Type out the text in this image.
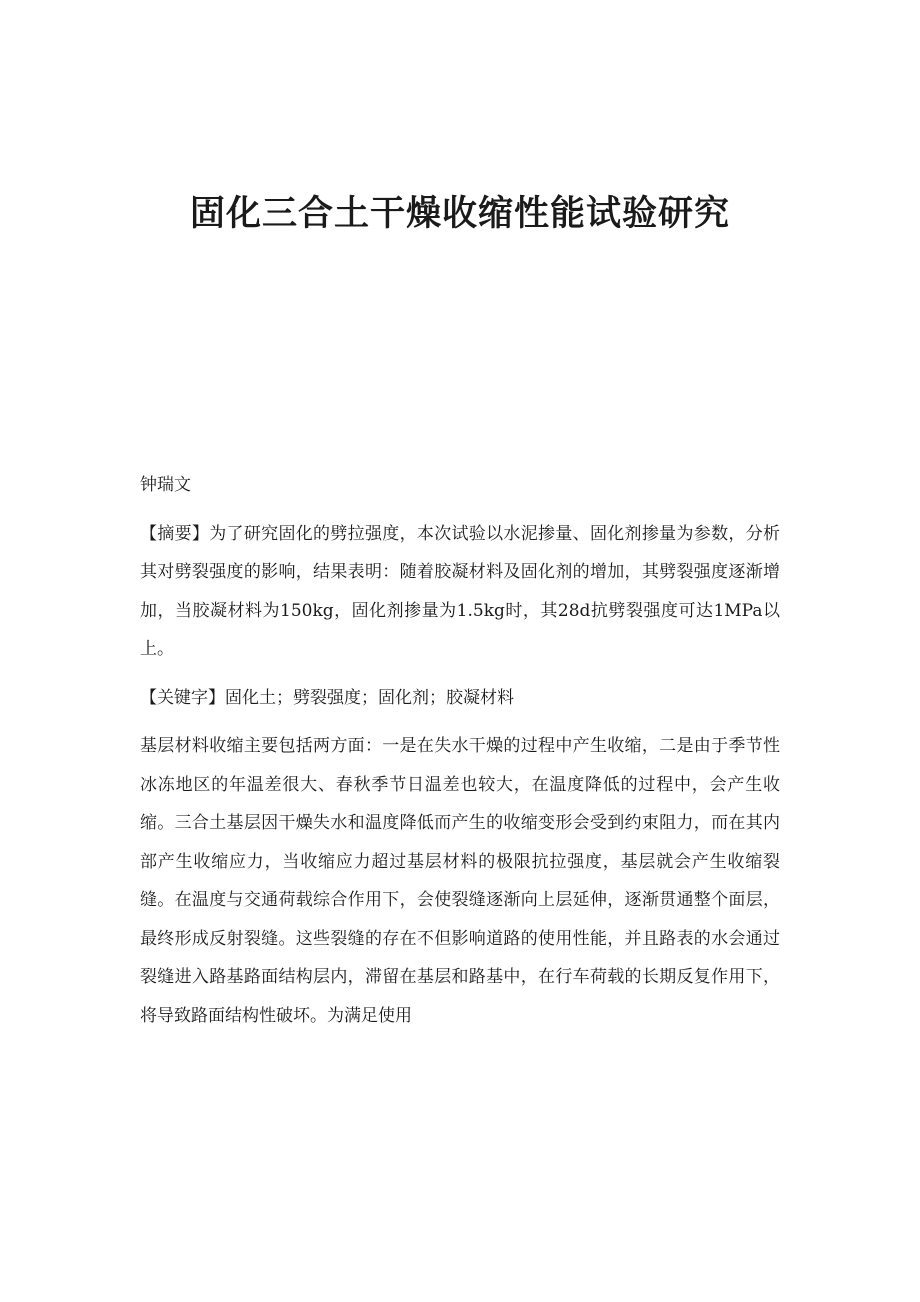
固化三合土干燥收缩性能试验研究

钟瑞文

【摘要】为了研究固化的劈拉强度，本次试验以水泥掺量、固化剂掺量为参数，分析其对劈裂强度的影响，结果表明：随着胶凝材料及固化剂的增加，其劈裂强度逐渐增加，当胶凝材料为150kg，固化剂掺量为1.5kg时，其28d抗劈裂强度可达1MPa以上。

【关键字】固化土；劈裂强度；固化剂；胶凝材料

基层材料收缩主要包括两方面：一是在失水干燥的过程中产生收缩，二是由于季节性冰冻地区的年温差很大、春秋季节日温差也较大，在温度降低的过程中，会产生收缩。三合土基层因干燥失水和温度降低而产生的收缩变形会受到约束阻力，而在其内部产生收缩应力，当收缩应力超过基层材料的极限抗拉强度，基层就会产生收缩裂缝。在温度与交通荷载综合作用下，会使裂缝逐渐向上层延伸，逐渐贯通整个面层，最终形成反射裂缝。这些裂缝的存在不但影响道路的使用性能，并且路表的水会通过裂缝进入路基路面结构层内，滞留在基层和路基中，在行车荷载的长期反复作用下，将导致路面结构性破坏。为满足使用
